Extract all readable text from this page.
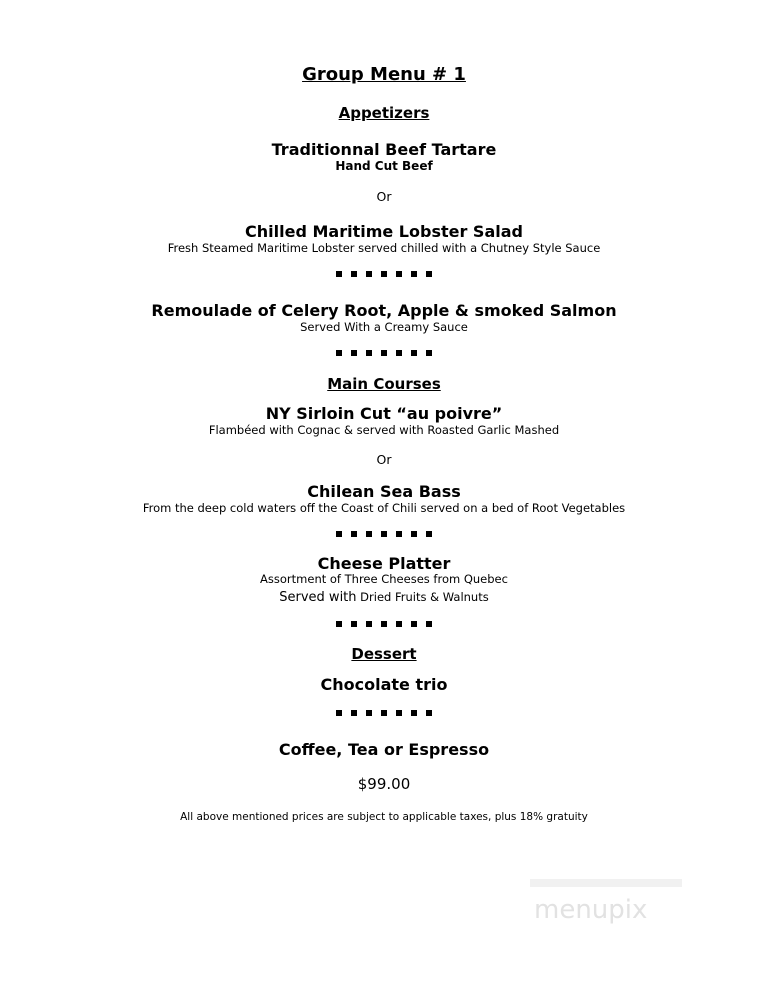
Group Menu # 1
Appetizers
Traditionnal Beef Tartare
Hand Cut Beef
Or
Chilled Maritime Lobster Salad
Fresh Steamed Maritime Lobster served chilled with a Chutney Style Sauce
Remoulade of Celery Root, Apple & smoked Salmon
Served With a Creamy Sauce
Main Courses
NY Sirloin Cut “au poivre”
Flambéed with Cognac & served with Roasted Garlic Mashed
Or
Chilean Sea Bass
From the deep cold waters off the Coast of Chili served on a bed of Root Vegetables
Cheese Platter
Assortment of Three Cheeses from Quebec
Served with Dried Fruits & Walnuts
Dessert
Chocolate trio
Coffee, Tea or Espresso
$99.00
All above mentioned prices are subject to applicable taxes, plus 18% gratuity
menupix
